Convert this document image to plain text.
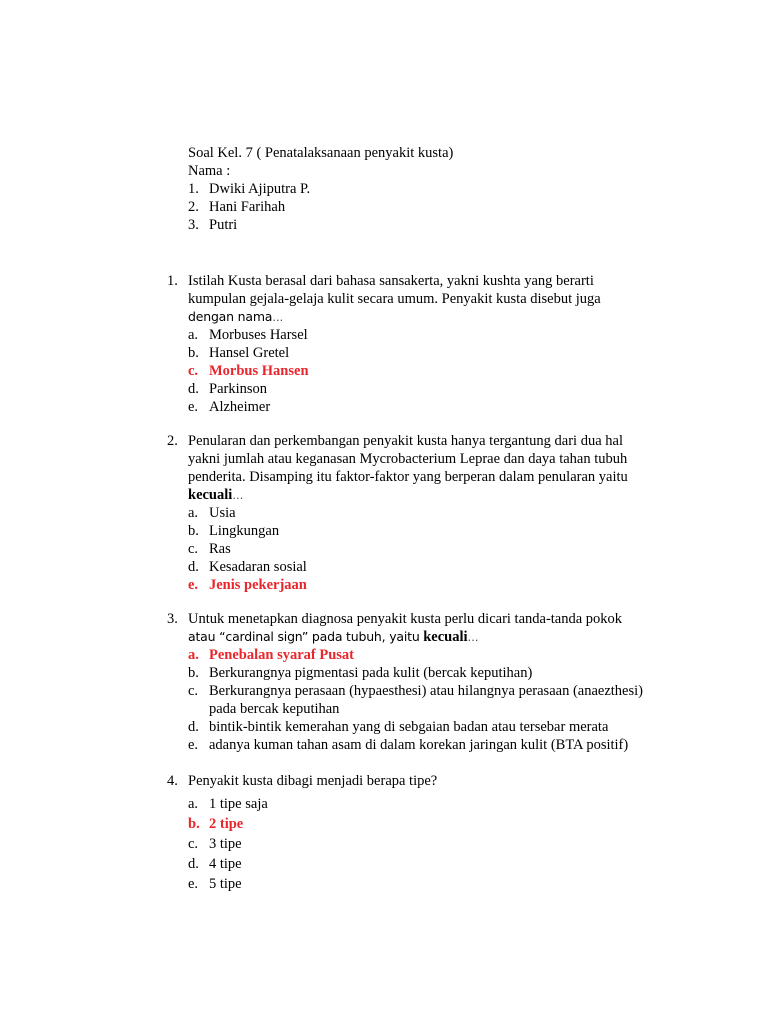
Soal Kel. 7 ( Penatalaksanaan penyakit kusta)
Nama :
1. Dwiki Ajiputra P.
2. Hani Farihah
3. Putri
1. Istilah Kusta berasal dari bahasa sansakerta, yakni kushta yang berarti
kumpulan gejala-gelaja kulit secara umum. Penyakit kusta disebut juga
dengan nama…
a. Morbuses Harsel
b. Hansel Gretel
c. Morbus Hansen
d. Parkinson
e. Alzheimer
2. Penularan dan perkembangan penyakit kusta hanya tergantung dari dua hal
yakni jumlah atau keganasan Mycrobacterium Leprae dan daya tahan tubuh
penderita. Disamping itu faktor-faktor yang berperan dalam penularan yaitu
kecuali…
a. Usia
b. Lingkungan
c. Ras
d. Kesadaran sosial
e. Jenis pekerjaan
3. Untuk menetapkan diagnosa penyakit kusta perlu dicari tanda-tanda pokok
atau “cardinal sign” pada tubuh, yaitu kecuali…
a. Penebalan syaraf Pusat
b. Berkurangnya pigmentasi pada kulit (bercak keputihan)
c. Berkurangnya perasaan (hypaesthesi) atau hilangnya perasaan (anaezthesi)
pada bercak keputihan
d. bintik-bintik kemerahan yang di sebgaian badan atau tersebar merata
e. adanya kuman tahan asam di dalam korekan jaringan kulit (BTA positif)
4. Penyakit kusta dibagi menjadi berapa tipe?
a. 1 tipe saja
b. 2 tipe
c. 3 tipe
d. 4 tipe
e. 5 tipe
